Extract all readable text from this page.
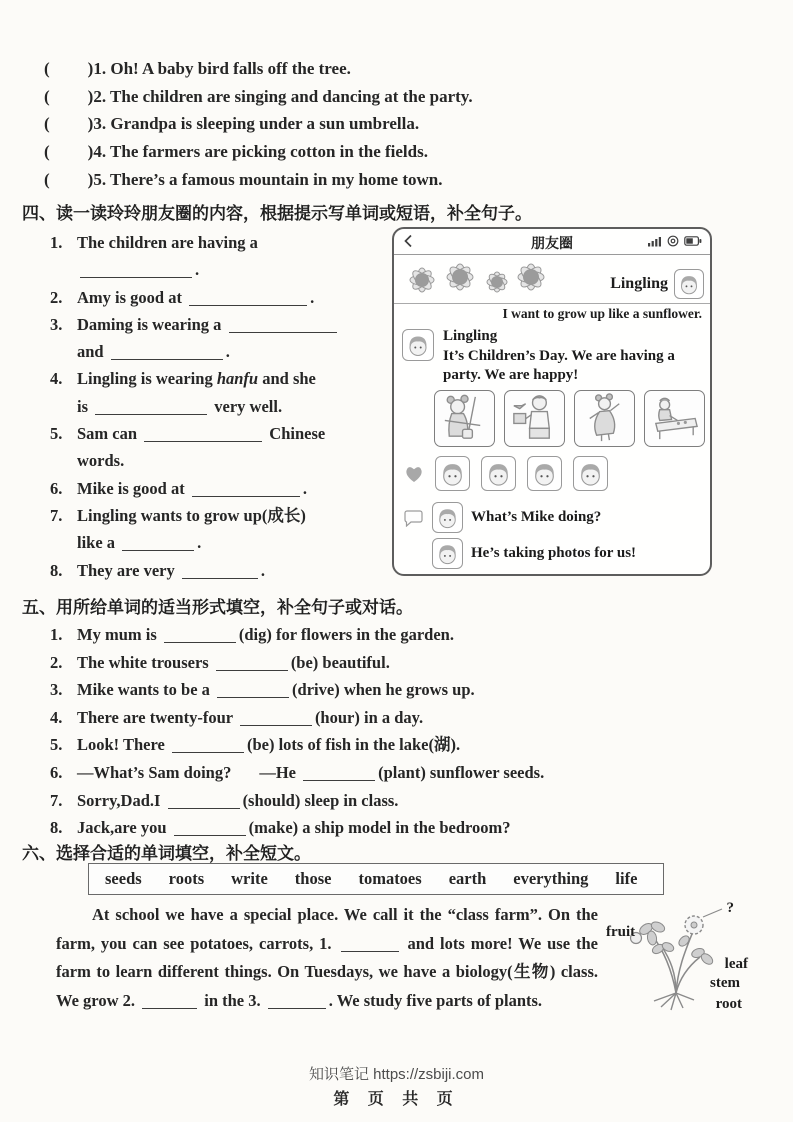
( )1. Oh! A baby bird falls off the tree.
( )2. The children are singing and dancing at the party.
( )3. Grandpa is sleeping under a sun umbrella.
( )4. The farmers are picking cotton in the fields.
( )5. There’s a famous mountain in my home town.
四、读一读玲玲朋友圈的内容，根据提示写单词或短语，补全句子。
1. The children are having a
.
2. Amy is good at	.
3. Daming is wearing a
and	.
4. Lingling is wearing hanfu and she
is	very well.
5. Sam can	Chinese
words.
6. Mike is good at	.
7. Lingling wants to grow up(成长)
like a	.
8. They are very	.
朋友圈
Lingling
I want to grow up like a sunflower.
Lingling
It’s Children’s Day. We are having a party. We are happy!
What’s Mike doing?
He’s taking photos for us!
五、用所给单词的适当形式填空，补全句子或对话。
1. My mum is	(dig) for flowers in the garden.
2. The white trousers	(be) beautiful.
3. Mike wants to be a	(drive) when he grows up.
4. There are twenty-four	(hour) in a day.
5. Look! There	(be) lots of fish in the lake(湖).
6. —What’s Sam doing? —He	(plant) sunflower seeds.
7. Sorry,Dad.I	(should) sleep in class.
8. Jack,are you	(make) a ship model in the bedroom?
六、选择合适的单词填空，补全短文。
seeds roots write those tomatoes earth everything life
?
fruit
leaf
stem
root
At school we have a special place. We call it the “class farm”. On the farm, you can see potatoes, carrots, 1.	and lots more! We use the farm to learn different things. On Tuesdays, we have a biology(生物) class. We grow 2.	in the 3.	. We study five parts of plants.
知识笔记 https://zsbiji.com
第 页 共 页
